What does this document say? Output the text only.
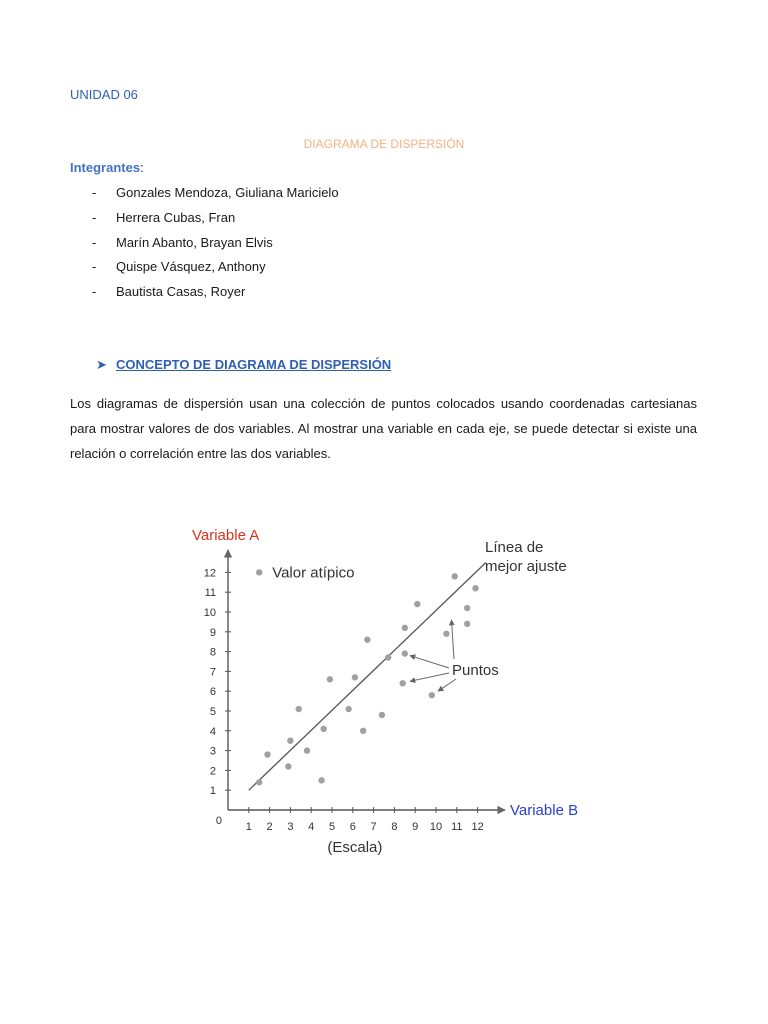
UNIDAD 06
DIAGRAMA DE DISPERSIÓN
Integrantes:
- Gonzales Mendoza, Giuliana Maricielo
- Herrera Cubas, Fran
- Marín Abanto, Brayan Elvis
- Quispe Vásquez, Anthony
- Bautista Casas, Royer
➤ CONCEPTO DE DIAGRAMA DE DISPERSIÓN

Los diagramas de dispersión usan una colección de puntos colocados usando coordenadas cartesianas para mostrar valores de dos variables. Al mostrar una variable en cada eje, se puede detectar si existe una relación o correlación entre las dos variables.

1 2 3 4 5 6 7 8 9 10 11 12
1
2
3
4
5
6
7
8
9
10
11
12
0
Variable A
Variable B
(Escala)
Línea de
mejor ajuste
Valor atípico
Puntos
